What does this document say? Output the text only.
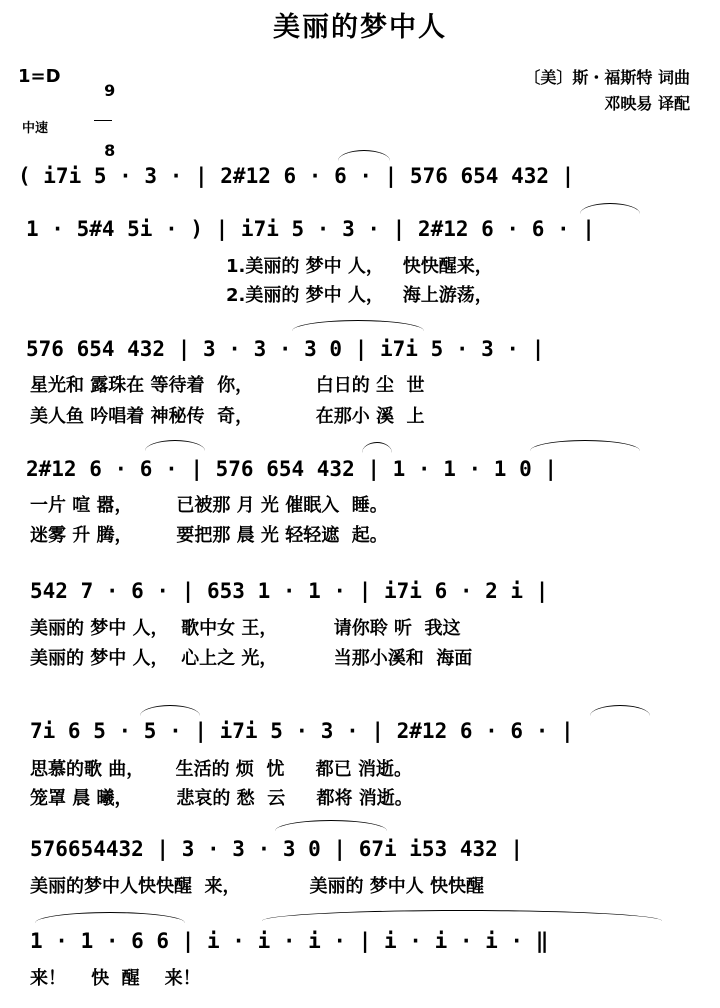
美丽的梦中人
1=D

9

8

〔美〕斯・福斯特 词曲
邓映易 译配
中速
( i7i 5 · 3 · | 2#12 6 · 6 · | 576 654 432 |
1 · 5#4 5i · ) | i7i 5 · 3 · | 2#12 6 · 6 · |
1.美丽的 梦中 人，   快快醒来，
2.美丽的 梦中 人，   海上游荡，
576 654 432 | 3 · 3 · 3 0 | i7i 5 · 3 · |
星光和 露珠在 等待着  你，          白日的 尘  世
美人鱼 吟唱着 神秘传  奇，          在那小 溪  上
2#12 6 · 6 · | 576 654 432 | 1 · 1 · 1 0 |
一片 喧 嚣，       已被那 月 光 催眠入  睡。
迷雾 升 腾，       要把那 晨 光 轻轻遮  起。
542 7 · 6 · | 653 1 · 1 · | i7i 6 · 2 i |
美丽的 梦中 人，  歌中女 王，         请你聆 听  我这
美丽的 梦中 人，  心上之 光，         当那小溪和  海面
7i 6 5 · 5 · | i7i 5 · 3 · | 2#12 6 · 6 · |
思慕的歌 曲，     生活的 烦  忧     都已 消逝。
笼罩 晨 曦，       悲哀的 愁  云     都将 消逝。
576654432 | 3 · 3 · 3 0 | 67i i53 432 |
美丽的梦中人快快醒  来，           美丽的 梦中人 快快醒
1 · 1 · 6 6 | i · i · i · | i · i · i · ‖
来！    快  醒    来！
